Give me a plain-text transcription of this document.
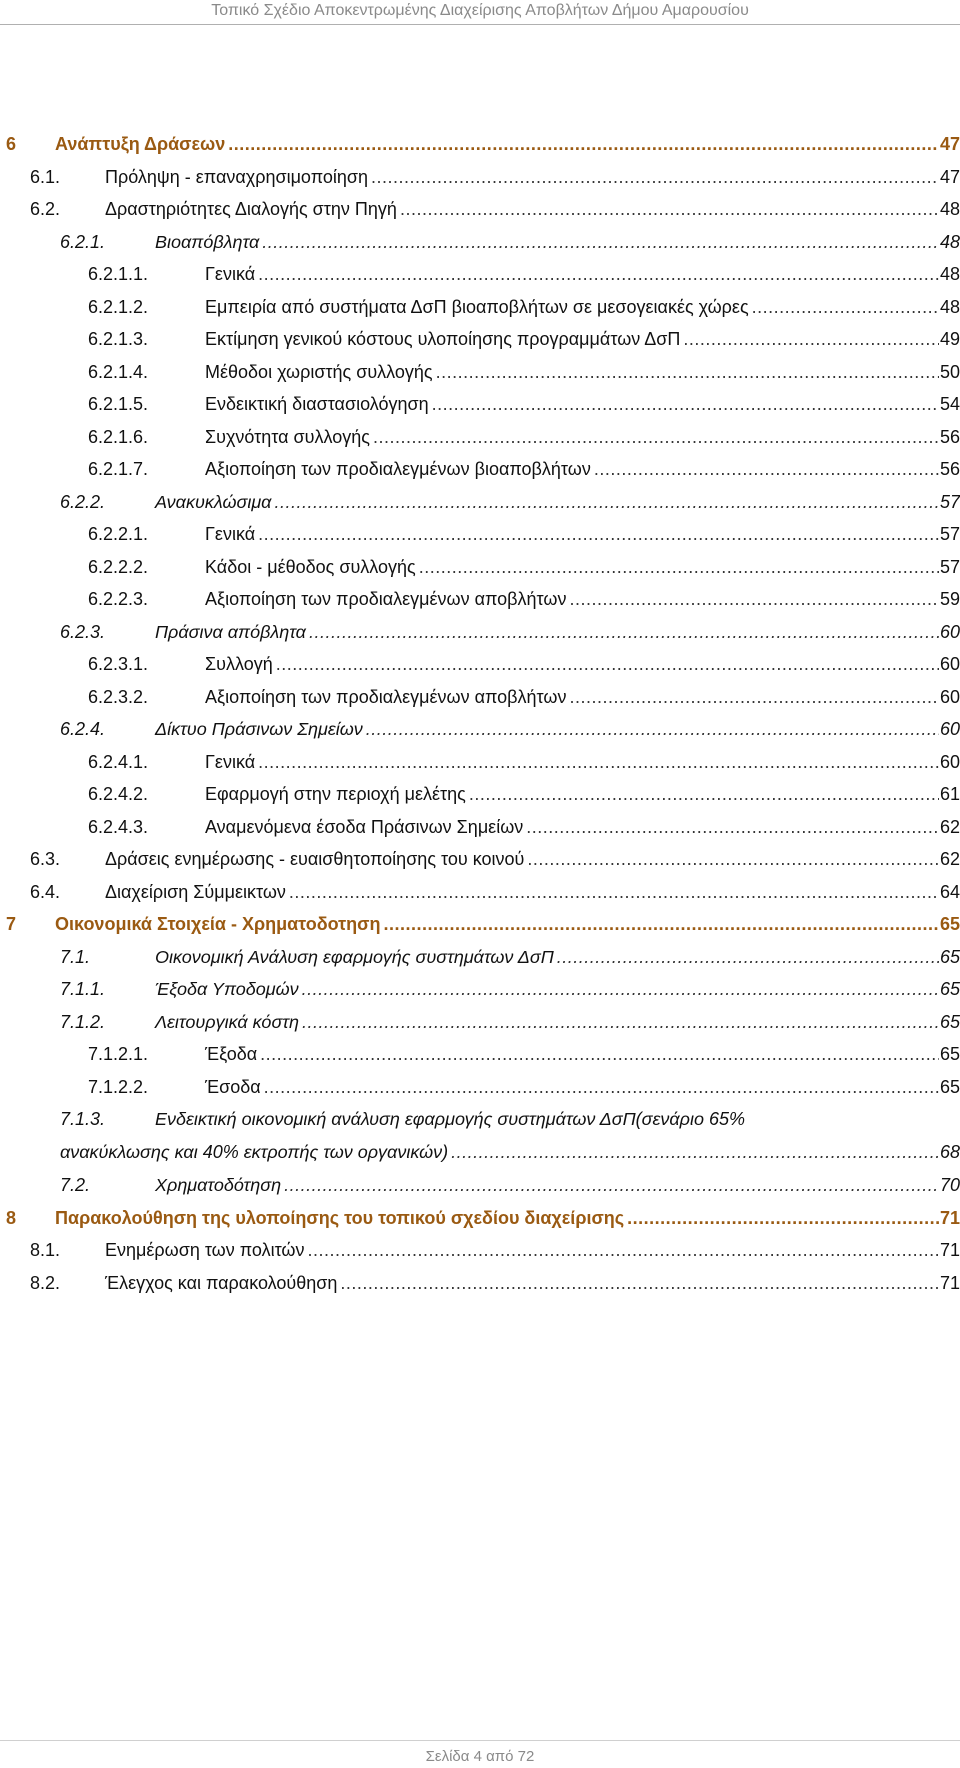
Τοπικό Σχέδιο Αποκεντρωμένης Διαχείρισης Αποβλήτων Δήμου Αμαρουσίου
6 Ανάπτυξη Δράσεων .....	47
6.1. Πρόληψη - επαναχρησιμοποίηση .....	47
6.2. Δραστηριότητες Διαλογής στην Πηγή .....	48
6.2.1.	Βιοαπόβλητα .....	48
6.2.1.1.	Γενικά .....	48
6.2.1.2.	Εμπειρία από συστήματα ΔσΠ βιοαποβλήτων σε μεσογειακές χώρες .....	48
6.2.1.3.	Εκτίμηση γενικού κόστους υλοποίησης προγραμμάτων ΔσΠ .....	49
6.2.1.4.	Μέθοδοι χωριστής συλλογής .....	50
6.2.1.5.	Ενδεικτική διαστασιολόγηση .....	54
6.2.1.6.	Συχνότητα συλλογής .....	56
6.2.1.7.	Αξιοποίηση των προδιαλεγμένων βιοαποβλήτων .....	56
6.2.2.	Ανακυκλώσιμα .....	57
6.2.2.1.	Γενικά .....	57
6.2.2.2.	Κάδοι - μέθοδος συλλογής .....	57
6.2.2.3.	Αξιοποίηση των προδιαλεγμένων αποβλήτων .....	59
6.2.3.	Πράσινα απόβλητα .....	60
6.2.3.1.	Συλλογή .....	60
6.2.3.2.	Αξιοποίηση των προδιαλεγμένων αποβλήτων .....	60
6.2.4.	Δίκτυο Πράσινων Σημείων .....	60
6.2.4.1.	Γενικά .....	60
6.2.4.2.	Εφαρμογή στην περιοχή μελέτης .....	61
6.2.4.3.	Αναμενόμενα έσοδα Πράσινων Σημείων .....	62
6.3. Δράσεις ενημέρωσης - ευαισθητοποίησης του κοινού .....	62
6.4. Διαχείριση Σύμμεικτων .....	64
7 Οικονομικά Στοιχεία - Χρηματοδοτηση .....	65
7.1.	Οικονομική Ανάλυση εφαρμογής συστημάτων ΔσΠ .....	65
7.1.1.	Έξοδα Υποδομών .....	65
7.1.2.	Λειτουργικά κόστη .....	65
7.1.2.1.	Έξοδα .....	65
7.1.2.2.	Έσοδα .....	65
7.1.3.	Ενδεικτική οικονομική ανάλυση εφαρμογής συστημάτων ΔσΠ(σενάριο 65%
ανακύκλωσης και 40% εκτροπής των οργανικών) .....	68
7.2.	Χρηματοδότηση .....	70
8 Παρακολούθηση της υλοποίησης του τοπικού σχεδίου διαχείρισης .....	71
8.1. Ενημέρωση των πολιτών .....	71
8.2. Έλεγχος και παρακολούθηση .....	71
Σελίδα 4 από 72
